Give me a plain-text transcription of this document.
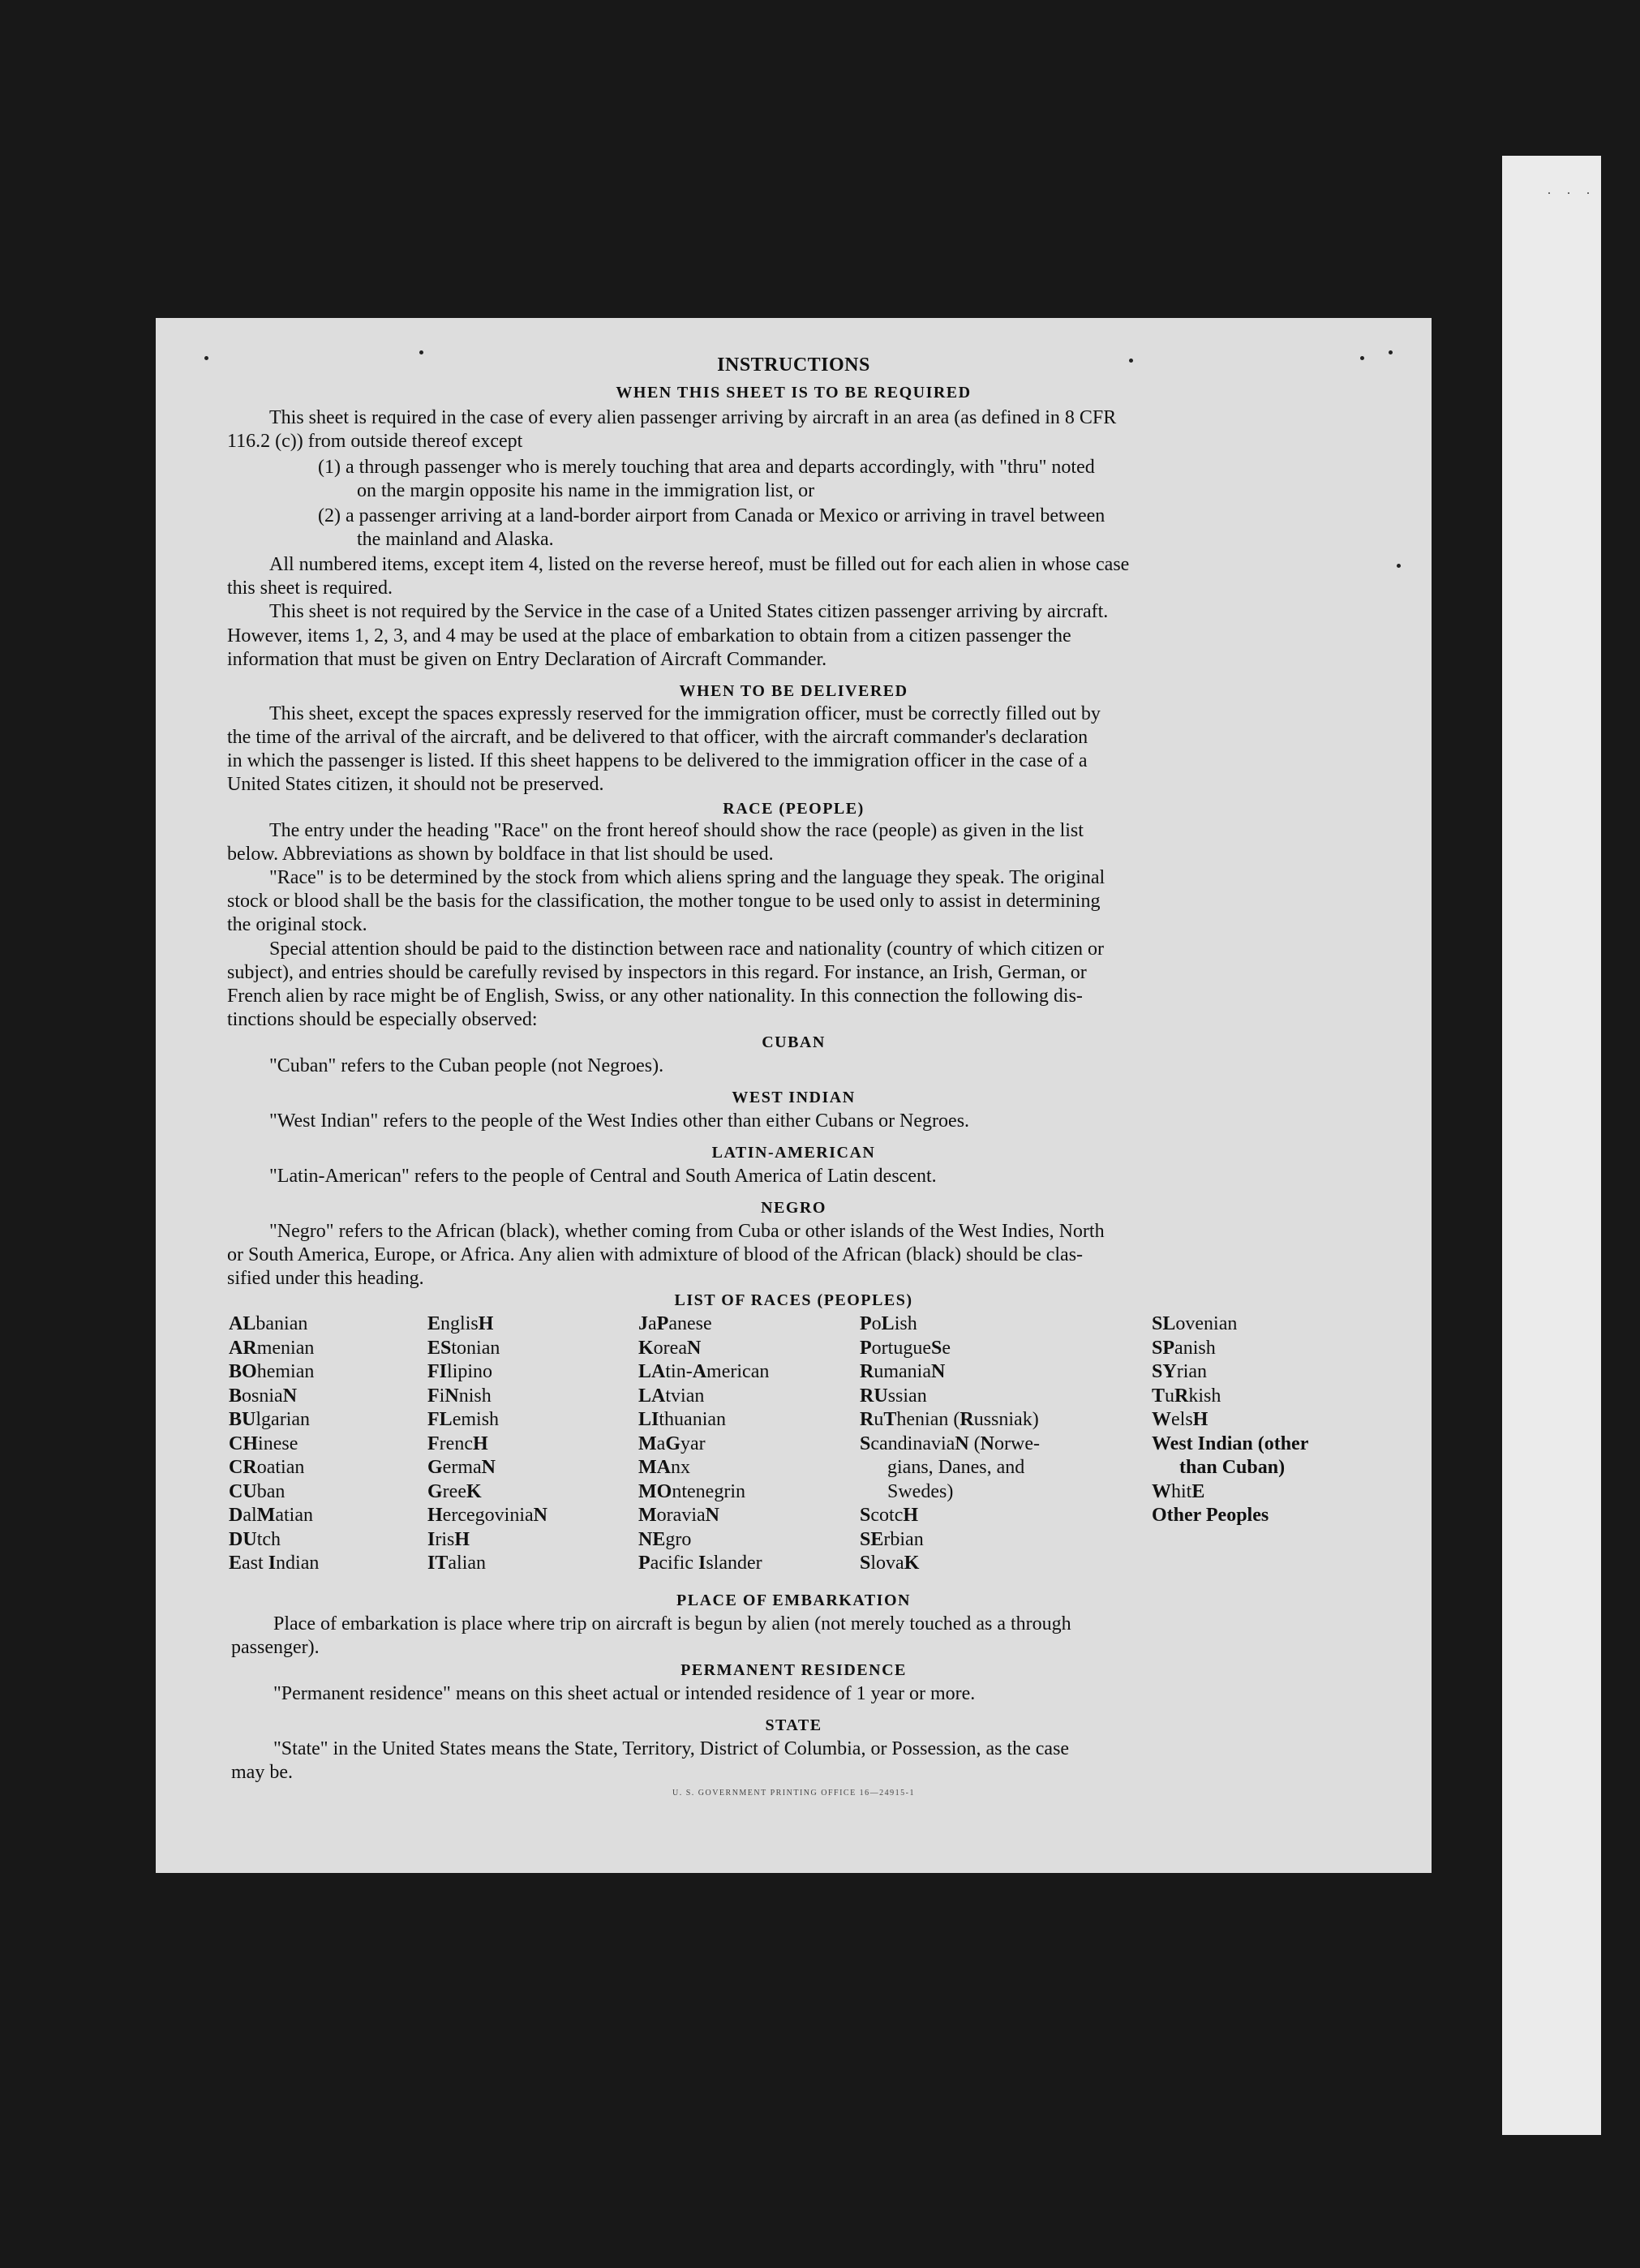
. . .
INSTRUCTIONS
WHEN THIS SHEET IS TO BE REQUIRED
This sheet is required in the case of every alien passenger arriving by aircraft in an area (as defined in 8 CFR
116.2 (c)) from outside thereof except
(1) a through passenger who is merely touching that area and departs accordingly, with "thru" noted
on the margin opposite his name in the immigration list, or
(2) a passenger arriving at a land-border airport from Canada or Mexico or arriving in travel between
the mainland and Alaska.
All numbered items, except item 4, listed on the reverse hereof, must be filled out for each alien in whose case
this sheet is required.
This sheet is not required by the Service in the case of a United States citizen passenger arriving by aircraft.
However, items 1, 2, 3, and 4 may be used at the place of embarkation to obtain from a citizen passenger the
information that must be given on Entry Declaration of Aircraft Commander.
WHEN TO BE DELIVERED
This sheet, except the spaces expressly reserved for the immigration officer, must be correctly filled out by
the time of the arrival of the aircraft, and be delivered to that officer, with the aircraft commander's declaration
in which the passenger is listed. If this sheet happens to be delivered to the immigration officer in the case of a
United States citizen, it should not be preserved.
RACE (PEOPLE)
The entry under the heading "Race" on the front hereof should show the race (people) as given in the list
below. Abbreviations as shown by boldface in that list should be used.
"Race" is to be determined by the stock from which aliens spring and the language they speak. The original
stock or blood shall be the basis for the classification, the mother tongue to be used only to assist in determining
the original stock.
Special attention should be paid to the distinction between race and nationality (country of which citizen or
subject), and entries should be carefully revised by inspectors in this regard. For instance, an Irish, German, or
French alien by race might be of English, Swiss, or any other nationality. In this connection the following dis-
tinctions should be especially observed:
CUBAN
"Cuban" refers to the Cuban people (not Negroes).
WEST INDIAN
"West Indian" refers to the people of the West Indies other than either Cubans or Negroes.
LATIN-AMERICAN
"Latin-American" refers to the people of Central and South America of Latin descent.
NEGRO
"Negro" refers to the African (black), whether coming from Cuba or other islands of the West Indies, North
or South America, Europe, or Africa. Any alien with admixture of blood of the African (black) should be clas-
sified under this heading.
LIST OF RACES (PEOPLES)
ALbanian
ARmenian
BOhemian
BosniaN
BUlgarian
CHinese
CRoatian
CUban
DalMatian
DUtch
East Indian
EnglisH
EStonian
FIlipino
FiNnish
FLemish
FrencH
GermaN
GreeK
HercegoviniaN
IrisH
ITalian
JaPanese
KoreaN
LAtin-American
LAtvian
LIthuanian
MaGyar
MAnx
MOntenegrin
MoraviaN
NEgro
Pacific Islander
PoLish
PortugueSe
RumaniaN
RUssian
RuThenian (Russniak)
ScandinaviaN (Norwe-
gians, Danes, and
Swedes)
ScotcH
SErbian
SlovaK
SLovenian
SPanish
SYrian
TuRkish
WelsH
West Indian (other
than Cuban)
WhitE
Other Peoples
PLACE OF EMBARKATION
Place of embarkation is place where trip on aircraft is begun by alien (not merely touched as a through
passenger).
PERMANENT RESIDENCE
"Permanent residence" means on this sheet actual or intended residence of 1 year or more.
STATE
"State" in the United States means the State, Territory, District of Columbia, or Possession, as the case
may be.
U. S. GOVERNMENT PRINTING OFFICE 16—24915-1
